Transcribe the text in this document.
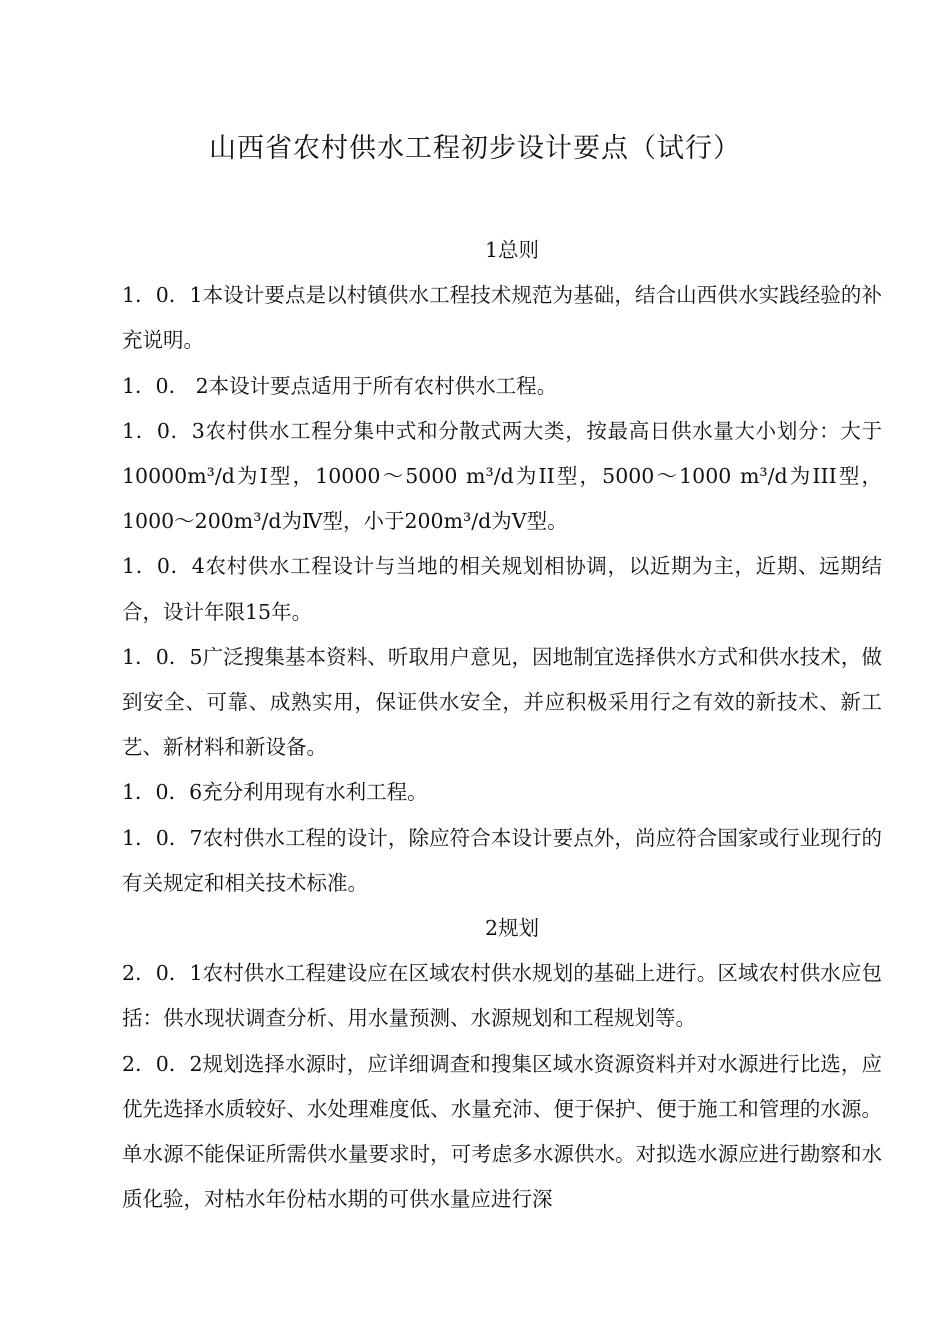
山西省农村供水工程初步设计要点（试行）

1总则

1．0．1本设计要点是以村镇供水工程技术规范为基础，结合山西供水实践经验的补充说明。

1．0． 2本设计要点适用于所有农村供水工程。

1．0．3农村供水工程分集中式和分散式两大类，按最高日供水量大小划分：大于10000m³/d为Ⅰ型，10000～5000 m³/d为II型，5000～1000 m³/d为III型，1000～200m³/d为Ⅳ型，小于200m³/d为Ⅴ型。

1．0．4农村供水工程设计与当地的相关规划相协调，以近期为主，近期、远期结合，设计年限15年。

1．0．5广泛搜集基本资料、听取用户意见，因地制宜选择供水方式和供水技术，做到安全、可靠、成熟实用，保证供水安全，并应积极采用行之有效的新技术、新工艺、新材料和新设备。

1．0．6充分利用现有水利工程。

1．0．7农村供水工程的设计，除应符合本设计要点外，尚应符合国家或行业现行的有关规定和相关技术标准。

2规划

2．0．1农村供水工程建设应在区域农村供水规划的基础上进行。区域农村供水应包括：供水现状调查分析、用水量预测、水源规划和工程规划等。

2．0．2规划选择水源时，应详细调查和搜集区域水资源资料并对水源进行比选，应优先选择水质较好、水处理难度低、水量充沛、便于保护、便于施工和管理的水源。单水源不能保证所需供水量要求时，可考虑多水源供水。对拟选水源应进行勘察和水质化验，对枯水年份枯水期的可供水量应进行深
